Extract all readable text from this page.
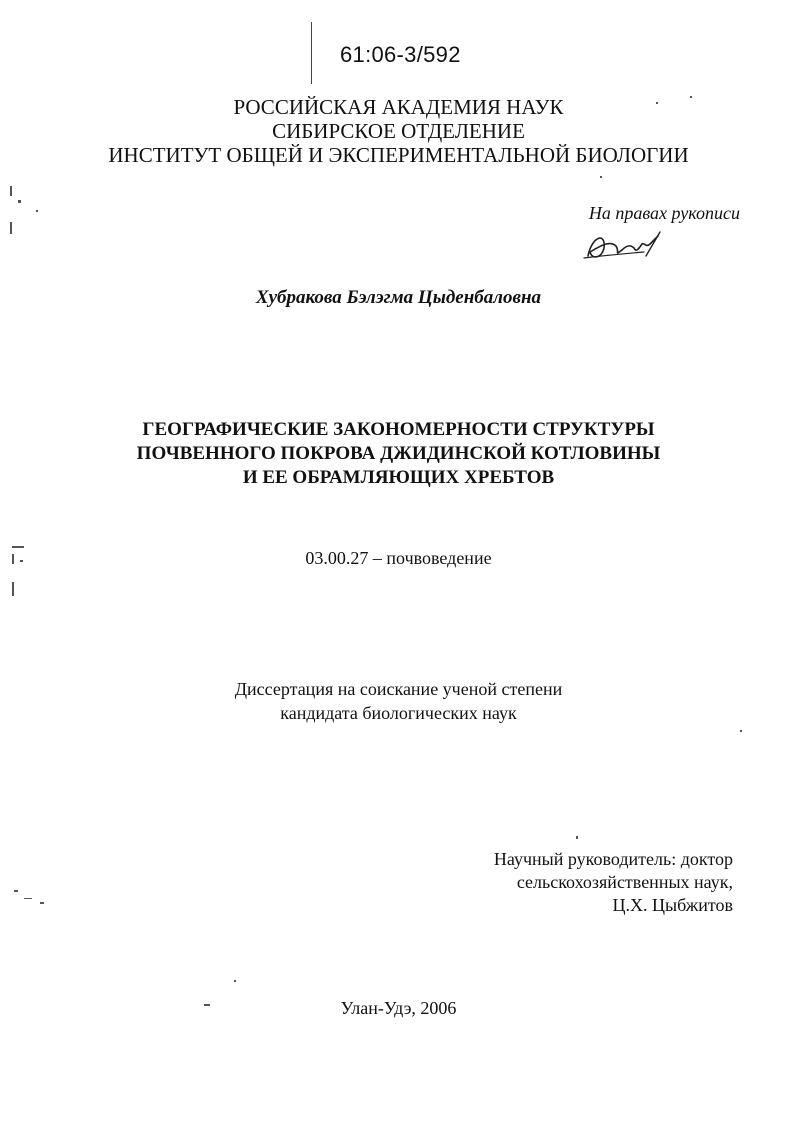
61:06-3/592
РОССИЙСКАЯ АКАДЕМИЯ НАУК
СИБИРСКОЕ ОТДЕЛЕНИЕ
ИНСТИТУТ ОБЩЕЙ И ЭКСПЕРИМЕНТАЛЬНОЙ БИОЛОГИИ
На правах рукописи
Хубракова Бэлэгма Цыденбаловна
ГЕОГРАФИЧЕСКИЕ ЗАКОНОМЕРНОСТИ СТРУКТУРЫ
ПОЧВЕННОГО ПОКРОВА ДЖИДИНСКОЙ КОТЛОВИНЫ
И ЕЕ ОБРАМЛЯЮЩИХ ХРЕБТОВ
03.00.27 – почвоведение
Диссертация на соискание ученой степени
кандидата биологических наук
Научный руководитель: доктор
сельскохозяйственных наук,
Ц.Х. Цыбжитов
Улан-Удэ, 2006
